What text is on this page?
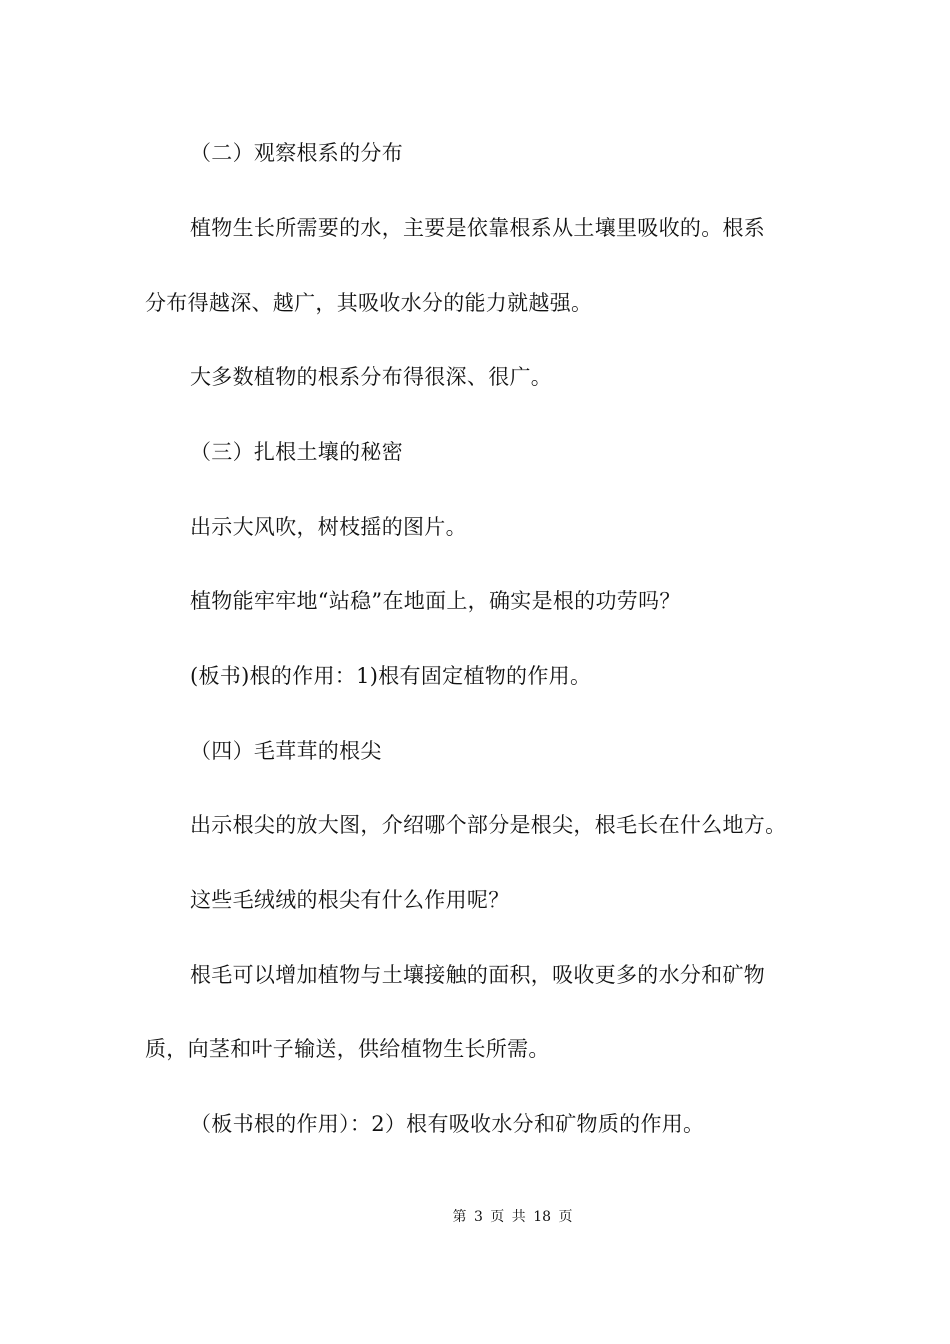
（二）观察根系的分布
植物生长所需要的水，主要是依靠根系从土壤里吸收的。根系
分布得越深、越广，其吸收水分的能力就越强。
大多数植物的根系分布得很深、很广。
（三）扎根土壤的秘密
出示大风吹，树枝摇的图片。
植物能牢牢地“站稳”在地面上，确实是根的功劳吗？
(板书)根的作用：1)根有固定植物的作用。
（四）毛茸茸的根尖
出示根尖的放大图，介绍哪个部分是根尖，根毛长在什么地方。
这些毛绒绒的根尖有什么作用呢？
根毛可以增加植物与土壤接触的面积，吸收更多的水分和矿物
质，向茎和叶子输送，供给植物生长所需。
（板书根的作用）：2）根有吸收水分和矿物质的作用。
第 3 页 共 18 页
